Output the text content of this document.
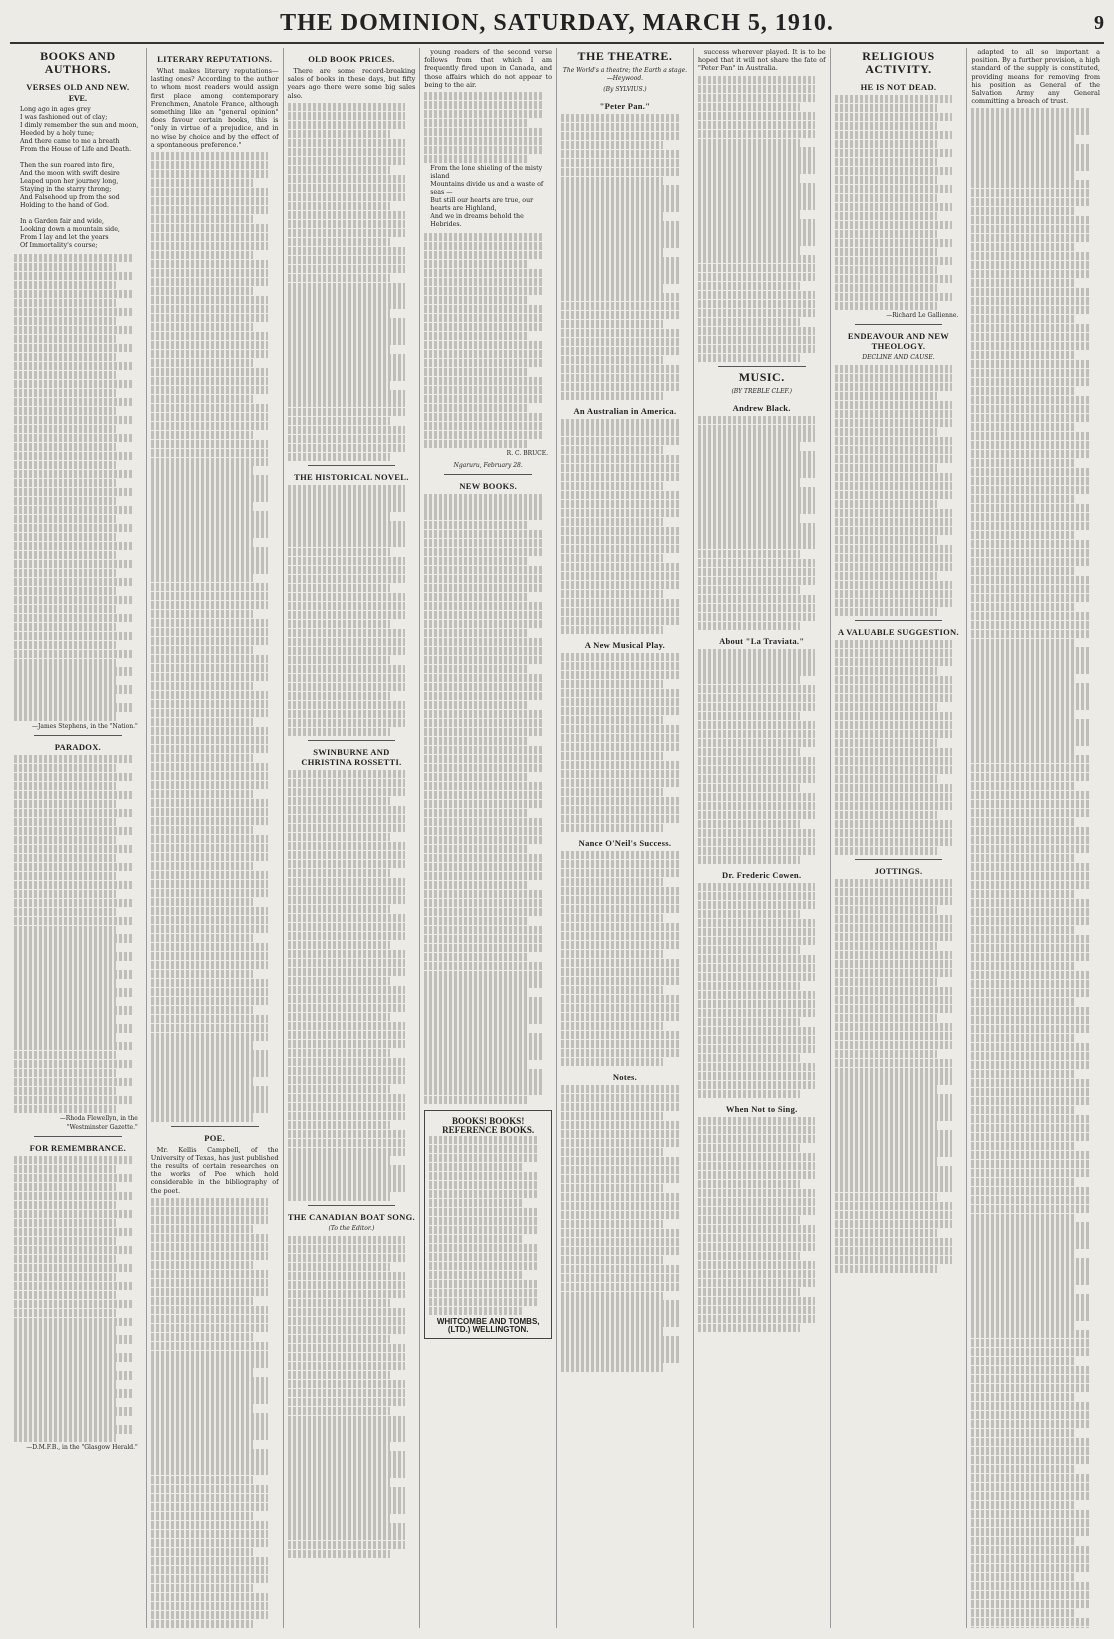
THE DOMINION, SATURDAY, MARCH 5, 1910.	9
BOOKS AND AUTHORS.
VERSES OLD AND NEW.
EVE.
Long ago in ages grey
I was fashioned out of clay;
I dimly remember the sun and moon,
Heeded by a holy tune;
And there came to me a breath
From the House of Life and Death.

Then the sun roared into fire,
And the moon with swift desire
Leaped upon her journey long,
Staying in the starry throng;
And Falsehood up from the sod
Holding to the hand of God.

In a Garden fair and wide,
Looking down a mountain side,
From I lay and let the years
Of Immortality's course;
—James Stephens, in the "Nation."
PARADOX.
—Rhoda Flewellyn, in the "Westminster Gazette."
FOR REMEMBRANCE.
—D.M.F.B., in the "Glasgow Herald."
LITERARY REPUTATIONS.

What makes literary reputations—lasting ones? According to the author to whom most readers would assign first place among contemporary Frenchmen, Anatole France, although something like an "general opinion" does favour certain books, this is "only in virtue of a prejudice, and in no wise by choice and by the effect of a spontaneous preference."

POE.

Mr. Kellis Campbell, of the University of Texas, has just published the results of certain researches on the works of Poe which hold considerable in the bibliography of the poet.

OLD BOOK PRICES.

There are some record-breaking sales of books in these days, but fifty years ago there were some big sales also.

THE HISTORICAL NOVEL.
SWINBURNE AND CHRISTINA ROSSETTI.
THE CANADIAN BOAT SONG.
(To the Editor.)

young readers of the second verse follows from that which I am frequently fired upon in Canada, and those affairs which do not appear to being to the air.

From the lone shieling of the misty island
Mountains divide us and a waste of seas —
But still our hearts are true, our hearts are Highland,
And we in dreams behold the Hebrides.
R. C. BRUCE.
Ngaruru, February 28.
NEW BOOKS.
BOOKS! BOOKS! REFERENCE BOOKS.
WHITCOMBE AND TOMBS, (LTD.) WELLINGTON.
THE THEATRE.
The World's a theatre; the Earth a stage.—Heywood.
(By SYLVIUS.)
"Peter Pan."
An Australian in America.
A New Musical Play.
Nance O'Neil's Success.
Notes.

success wherever played. It is to be hoped that it will not share the fate of "Peter Pan" in Australia.

MUSIC.
(BY TREBLE CLEF.)
Andrew Black.
About "La Traviata."
Dr. Frederic Cowen.
When Not to Sing.
RELIGIOUS ACTIVITY.
HE IS NOT DEAD.
—Richard Le Gallienne.
ENDEAVOUR AND NEW THEOLOGY.
DECLINE AND CAUSE.
A VALUABLE SUGGESTION.
JOTTINGS.

adapted to all so important a position. By a further provision, a high standard of the supply is constituted, providing means for removing from his position as General of the Salvation Army any General committing a breach of trust.
